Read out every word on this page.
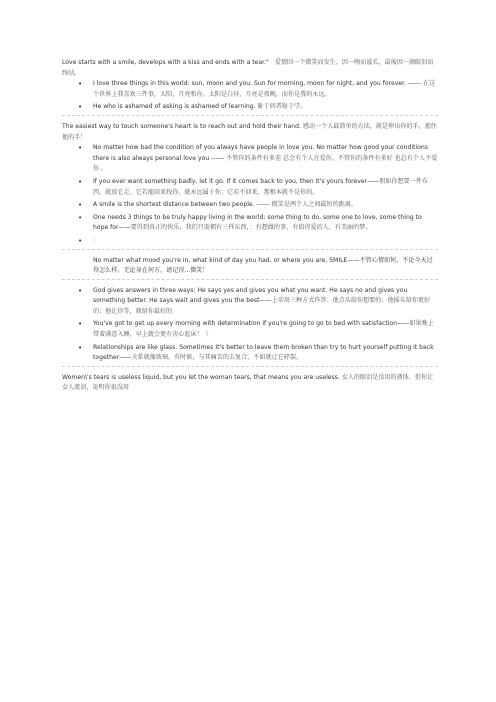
Love starts with a smile, develops with a kiss and ends with a tear."　爱情因一个微笑而发生，因一吻而滋长，最後因一滴眼泪而终结。

• I love three things in this world: sun, moon and you. Sun for morning, moon for night, and you forever. ------ 在这个世界上我喜欢三件事，太阳，月亮和你。太阳是白昼，月亮是夜晚，而你是我的永远。
• He who is ashamed of asking is ashamed of learning. 耻于问者耻于学。

The easiest way to touch someone's heart is to reach out and hold their hand. 感动一个人最简单的方法，就是伸出你的手，握住他的手！

• No matter how bad the condition of you always have people in love you. No matter how good your conditions there is also always personal love you ------ 不管你的条件有多差 总会有个人在爱你。不管你的条件有多好 也总有个人不爱你 。
• If you ever want something badly, let it go. If it comes back to you, then it's yours forever——假如你想要一件东西，就放它走。它若能回来找你，就永远属于你；它若不回来，那根本就不是你的。
• A smile is the shortest distance between two people. ------ 微笑是两个人之间最短的距离。
• One needs 3 things to be truly happy living in the world: some thing to do, some one to love, some thing to hope for——要得到真正的快乐，我们只需拥有三样东西，：有想做的事，有值得爱的人，有美丽的梦。
• ：
No matter what mood you're in, what kind of day you had, or where you are, SMILE——不管心情如何，不论今天过得怎么样，无论身在何方，请记得...微笑！
• God gives answers in three ways: He says yes and gives you what you want. He says no and gives you something better. He says wait and gives you the best——上帝用三种方式作答：他点头给你想要的；他摇头给你更好的；他让你等，就给你最好的
• You've got to get up every morning with determination if you're going to go to bed with satisfaction——如果晚上带着满意入睡，早上就会更有决心起床！（
• Relationships are like glass. Sometimes it's better to leave them broken than try to hurt yourself putting it back together——关系就像玻璃。有时候，与其痛苦的去复合，不如就让它碎裂。

Women\'s tears is useless liquid, but you let the woman tears, that means you are useless. 女人的眼泪是没用的液体，但你让女人流泪，说明你很没用
